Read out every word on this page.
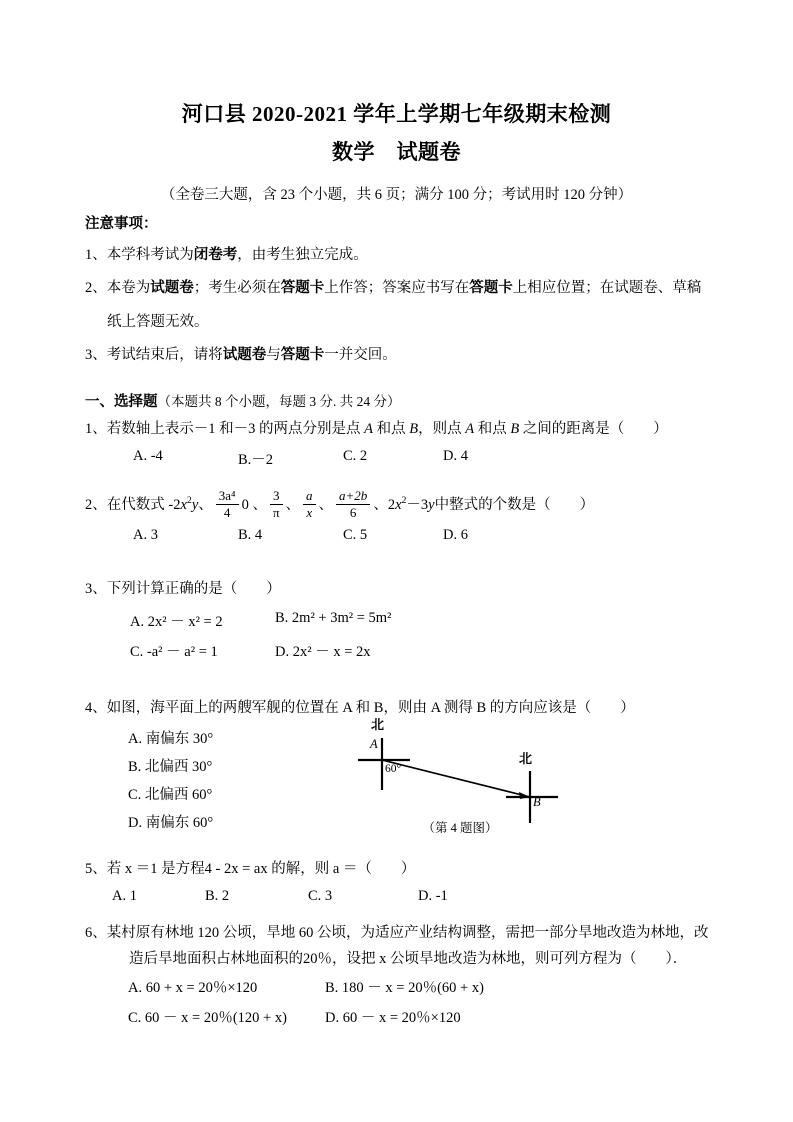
河口县 2020-2021 学年上学期七年级期末检测
数学　试题卷
（全卷三大题，含 23 个小题，共 6 页；满分 100 分；考试用时 120 分钟）
注意事项：
1、本学科考试为闭卷考，由考生独立完成。
2、本卷为试题卷；考生必须在答题卡上作答；答案应书写在答题卡上相应位置；在试题卷、草稿
纸上答题无效。
3、考试结束后，请将试题卷与答题卡一并交回。
一、选择题（本题共 8 个小题，每题 3 分. 共 24 分）
1、若数轴上表示－1 和－3 的两点分别是点 A 和点 B，则点 A 和点 B 之间的距离是（　　）
A. -4	B.－2	C. 2	D. 4
2、在代数式 $-2x^2y$、 $\frac{\text{3a⁴}}{4} 0$ 、 $\frac{3}{\pi}$ 、 $\frac{a}{x}$ 、 $\frac{a+2b}{6}$ 、$2x^2-3y$中整式的个数是（　　）
A. 3	B. 4	C. 5	D. 6
3、下列计算正确的是（　　）
A. 2x² － x² = 2	B. 2m² + 3m² = 5m²
C. -a² － a² = 1	D. 2x² － x = 2x
4、如图，海平面上的两艘军舰的位置在 A 和 B，则由 A 测得 B 的方向应该是（　　）
A. 南偏东 30°
B. 北偏西 30°
C. 北偏西 60°
D. 南偏东 60°
北
北
A
B
60°
（第 4 题图）
5、若 x ＝1 是方程4 - 2x = ax 的解，则 a ＝（　　）
A. 1	B. 2	C. 3	D. -1
6、某村原有林地 120 公顷，旱地 60 公顷，为适应产业结构调整，需把一部分旱地改造为林地，改
造后旱地面积占林地面积的20％，设把 x 公顷旱地改造为林地，则可列方程为（　　）．
A. 60 + x = 20％×120	B. 180 － x = 20％(60 + x)
C. 60 － x = 20％(120 + x)	D. 60 － x = 20％×120
